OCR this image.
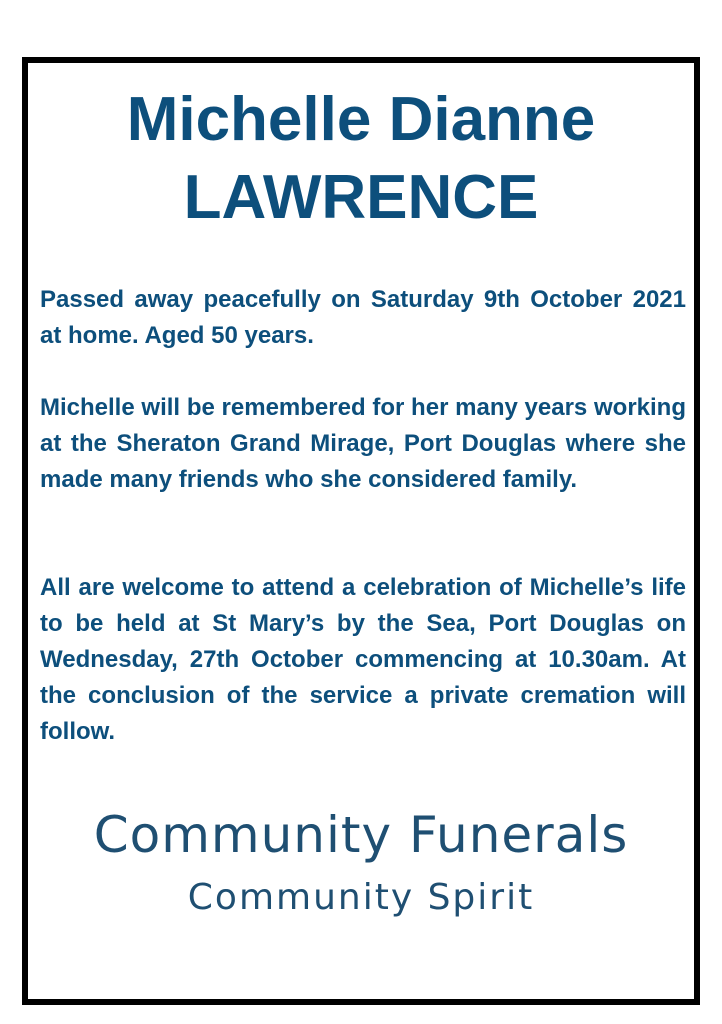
Michelle Dianne
LAWRENCE

Passed away peacefully on Saturday 9th October 2021 at home. Aged 50 years.

Michelle will be remembered for her many years working at the Sheraton Grand Mirage, Port Douglas where she made many friends who she considered family.

All are welcome to attend a celebration of Michelle’s life to be held at St Mary’s by the Sea, Port Douglas on Wednesday, 27th October commencing at 10.30am. At the conclusion of the service a private cremation will follow.

Community Funerals
Community Spirit
